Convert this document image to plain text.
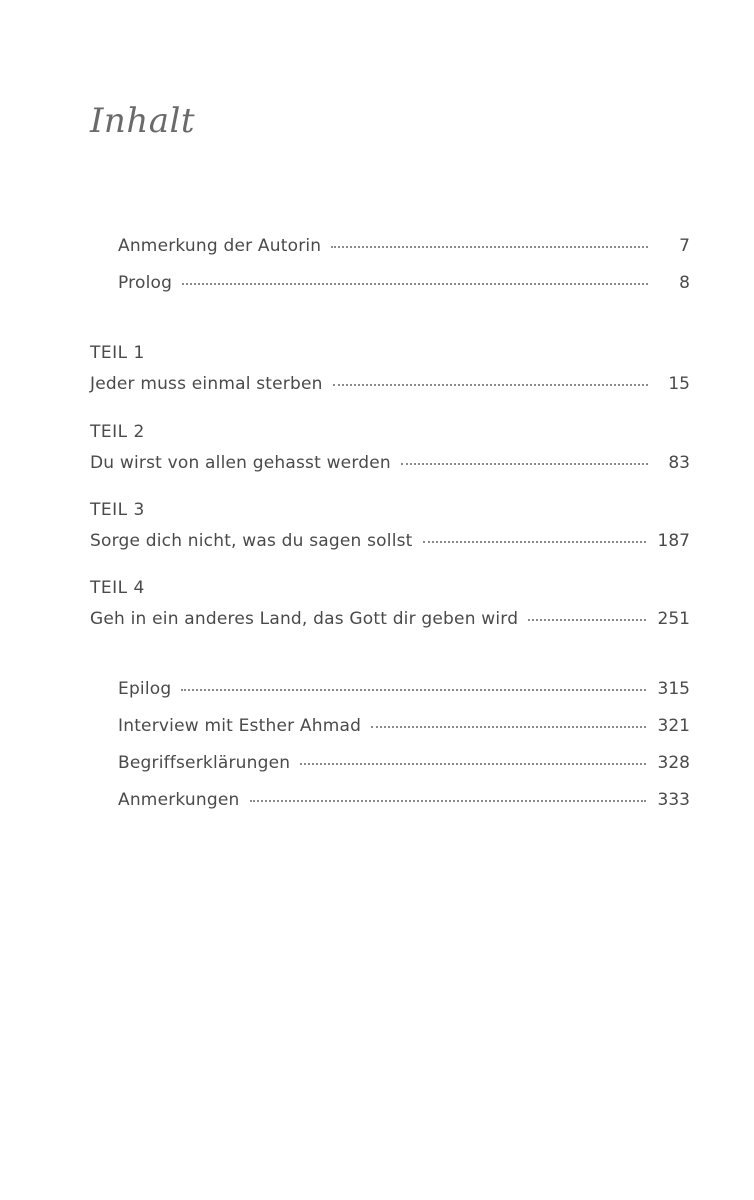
Inhalt
Anmerkung der Autorin	7
Prolog	8
TEIL 1
Jeder muss einmal sterben	15
TEIL 2
Du wirst von allen gehasst werden	83
TEIL 3
Sorge dich nicht, was du sagen sollst	187
TEIL 4
Geh in ein anderes Land, das Gott dir geben wird	251
Epilog	315
Interview mit Esther Ahmad	321
Begriffserklärungen	328
Anmerkungen	333
